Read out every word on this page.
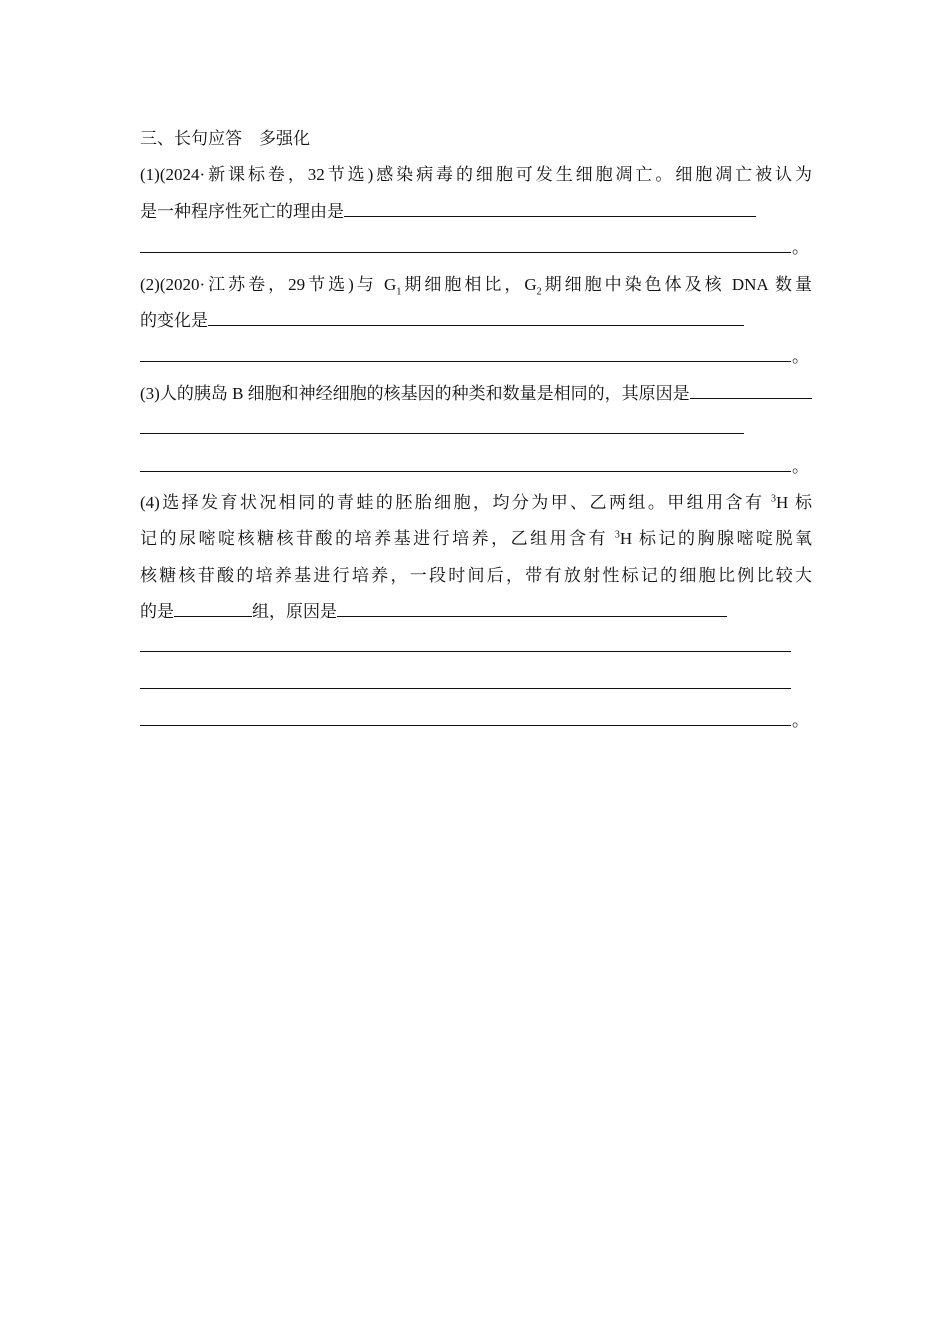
三、长句应答　多强化
(1)(2024·新课标卷，32节选)感染病毒的细胞可发生细胞凋亡。细胞凋亡被认为
是一种程序性死亡的理由是
。
(2)(2020·江苏卷，29节选)与 $G_1$期细胞相比，$G_2$期细胞中染色体及核 DNA 数量
的变化是
。
(3)人的胰岛 B 细胞和神经细胞的核基因的种类和数量是相同的，其原因是
。
(4)选择发育状况相同的青蛙的胚胎细胞，均分为甲、乙两组。甲组用含有 $^3$H 标
记的尿嘧啶核糖核苷酸的培养基进行培养，乙组用含有 $^3$H 标记的胸腺嘧啶脱氧
核糖核苷酸的培养基进行培养，一段时间后，带有放射性标记的细胞比例比较大
的是	组，原因是
。
